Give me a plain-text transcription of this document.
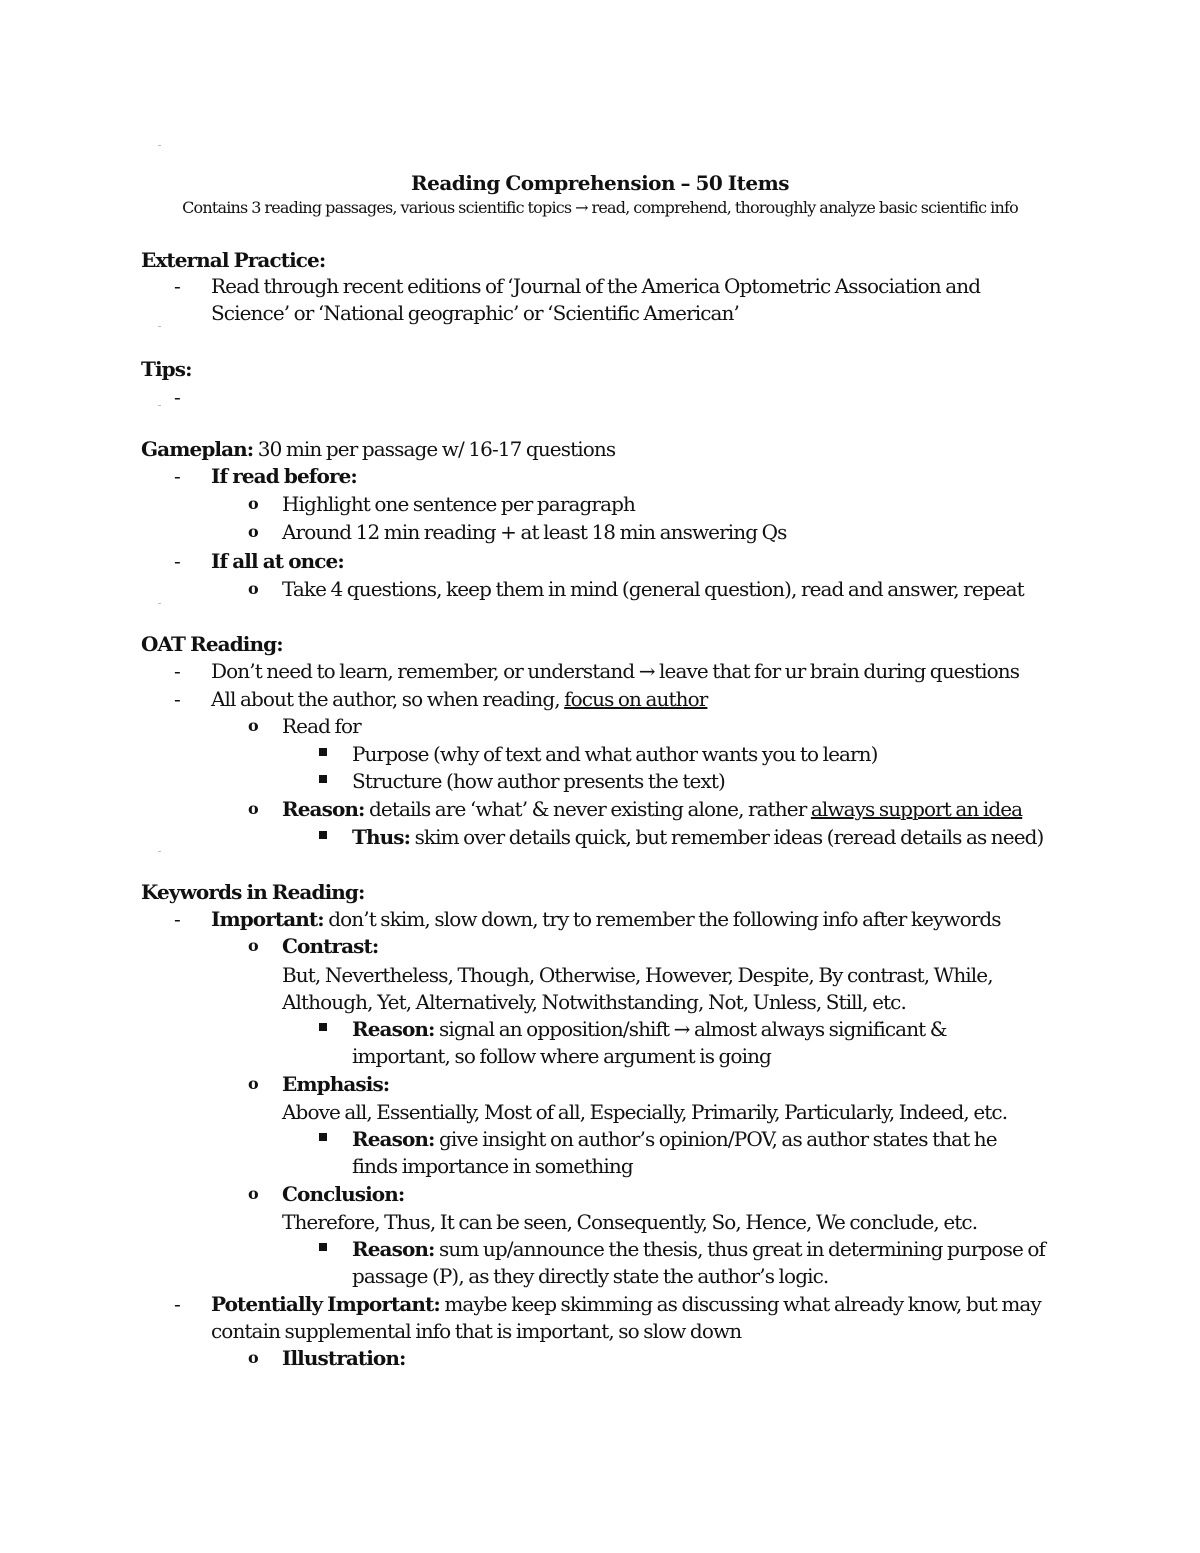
Reading Comprehension – 50 Items
Contains 3 reading passages, various scientific topics → read, comprehend, thoroughly analyze basic scientific info
External Practice:
-	Read through recent editions of ‘Journal of the America Optometric Association and
Science’ or ‘National geographic’ or ‘Scientific American’
Tips:
-
Gameplan: 30 min per passage w/ 16-17 questions
-	If read before:
o Highlight one sentence per paragraph
o Around 12 min reading + at least 18 min answering Qs
-	If all at once:
o Take 4 questions, keep them in mind (general question), read and answer, repeat
OAT Reading:
-	Don’t need to learn, remember, or understand → leave that for ur brain during questions
-	All about the author, so when reading, focus on author
o Read for
Purpose (why of text and what author wants you to learn)
Structure (how author presents the text)
o Reason: details are ‘what’ & never existing alone, rather always support an idea
Thus: skim over details quick, but remember ideas (reread details as need)
Keywords in Reading:
-	Important: don’t skim, slow down, try to remember the following info after keywords
o Contrast:
But, Nevertheless, Though, Otherwise, However, Despite, By contrast, While,
Although, Yet, Alternatively, Notwithstanding, Not, Unless, Still, etc.
Reason: signal an opposition/shift → almost always significant &
important, so follow where argument is going
o Emphasis:
Above all, Essentially, Most of all, Especially, Primarily, Particularly, Indeed, etc.
Reason: give insight on author’s opinion/POV, as author states that he
finds importance in something
o Conclusion:
Therefore, Thus, It can be seen, Consequently, So, Hence, We conclude, etc.
Reason: sum up/announce the thesis, thus great in determining purpose of
passage (P), as they directly state the author’s logic.
-	Potentially Important: maybe keep skimming as discussing what already know, but may
contain supplemental info that is important, so slow down
o Illustration:
